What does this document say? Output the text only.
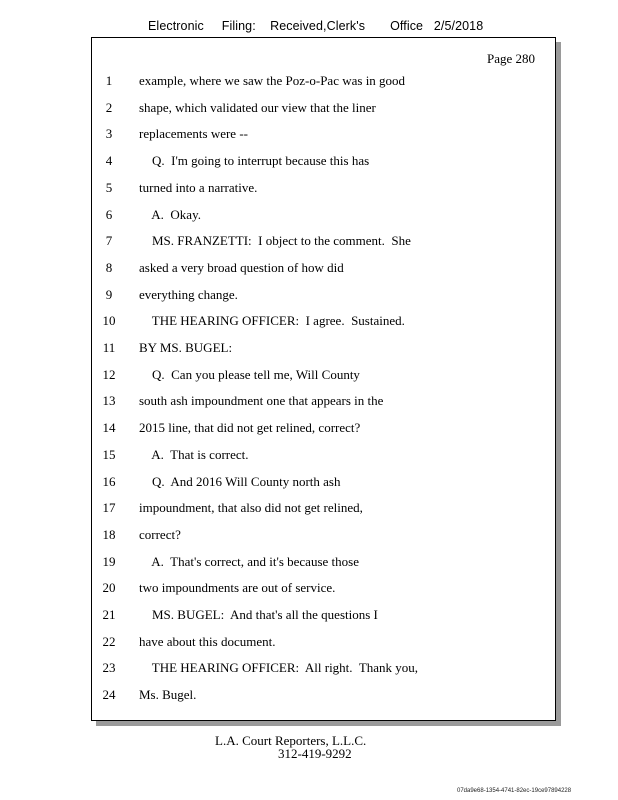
Electronic     Filing:    Received,Clerk's       Office   2/5/2018
Page 280
1	example, where we saw the Poz-o-Pac was in good
2	shape, which validated our view that the liner
3	replacements were --
4	Q.  I'm going to interrupt because this has
5	turned into a narrative.
6	A.  Okay.
7	MS. FRANZETTI:  I object to the comment.  She
8	asked a very broad question of how did
9	everything change.
10	THE HEARING OFFICER:  I agree.  Sustained.
11	BY MS. BUGEL:
12	Q.  Can you please tell me, Will County
13	south ash impoundment one that appears in the
14	2015 line, that did not get relined, correct?
15	A.  That is correct.
16	Q.  And 2016 Will County north ash
17	impoundment, that also did not get relined,
18	correct?
19	A.  That's correct, and it's because those
20	two impoundments are out of service.
21	MS. BUGEL:  And that's all the questions I
22	have about this document.
23	THE HEARING OFFICER:  All right.  Thank you,
24	Ms. Bugel.
L.A. Court Reporters, L.L.C.
312-419-9292
07da9e68-1354-4741-82ec-19ce97894228
